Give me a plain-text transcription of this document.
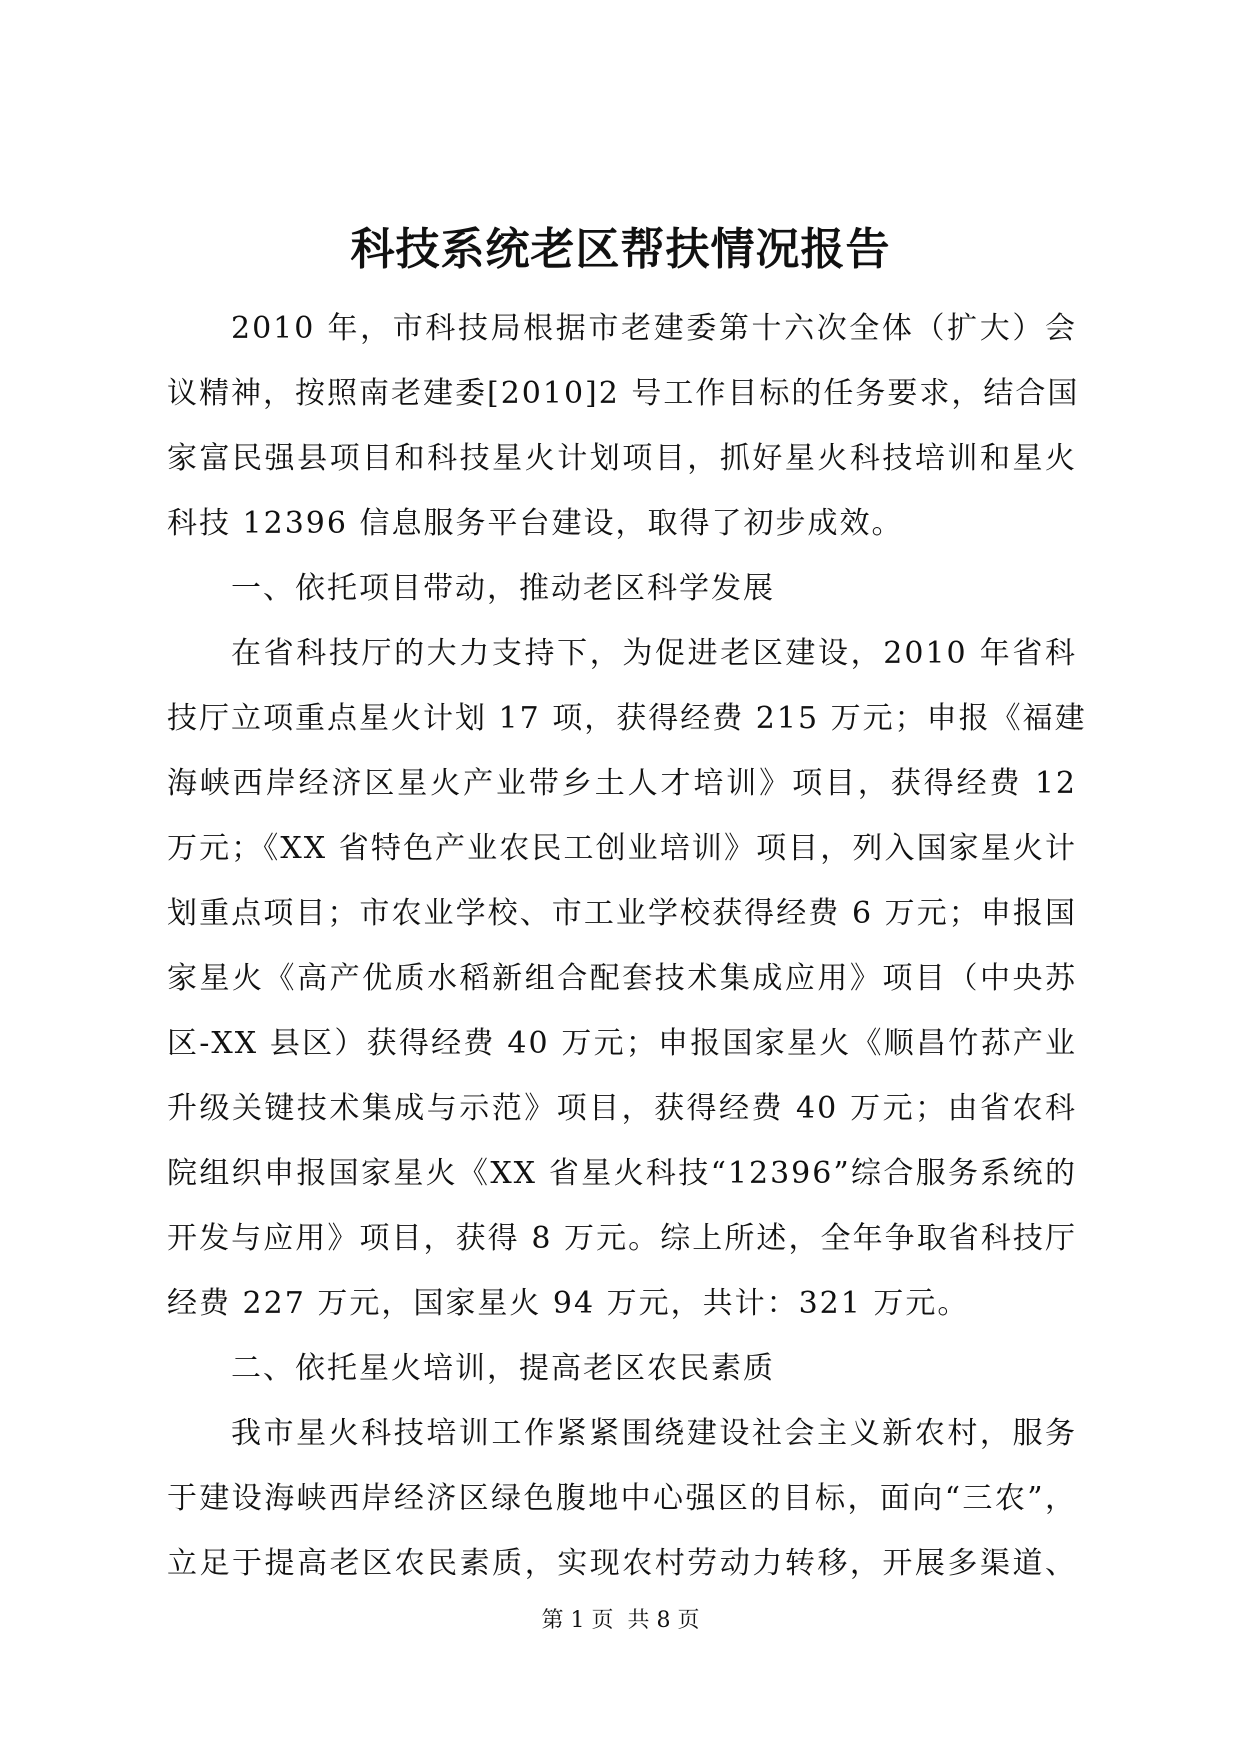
科技系统老区帮扶情况报告
2010 年，市科技局根据市老建委第十六次全体（扩大）会
议精神，按照南老建委[2010]2 号工作目标的任务要求，结合国
家富民强县项目和科技星火计划项目，抓好星火科技培训和星火
科技 12396 信息服务平台建设，取得了初步成效。
一、依托项目带动，推动老区科学发展
在省科技厅的大力支持下，为促进老区建设，2010 年省科
技厅立项重点星火计划 17 项，获得经费 215 万元；申报《福建
海峡西岸经济区星火产业带乡土人才培训》项目，获得经费 12
万元；《XX 省特色产业农民工创业培训》项目，列入国家星火计
划重点项目；市农业学校、市工业学校获得经费 6 万元；申报国
家星火《高产优质水稻新组合配套技术集成应用》项目（中央苏
区-XX 县区）获得经费 40 万元；申报国家星火《顺昌竹荪产业
升级关键技术集成与示范》项目，获得经费 40 万元；由省农科
院组织申报国家星火《XX 省星火科技“12396”综合服务系统的
开发与应用》项目，获得 8 万元。综上所述，全年争取省科技厅
经费 227 万元，国家星火 94 万元，共计：321 万元。
二、依托星火培训，提高老区农民素质
我市星火科技培训工作紧紧围绕建设社会主义新农村，服务
于建设海峡西岸经济区绿色腹地中心强区的目标，面向“三农”，
立足于提高老区农民素质，实现农村劳动力转移，开展多渠道、
第 1 页  共 8 页
